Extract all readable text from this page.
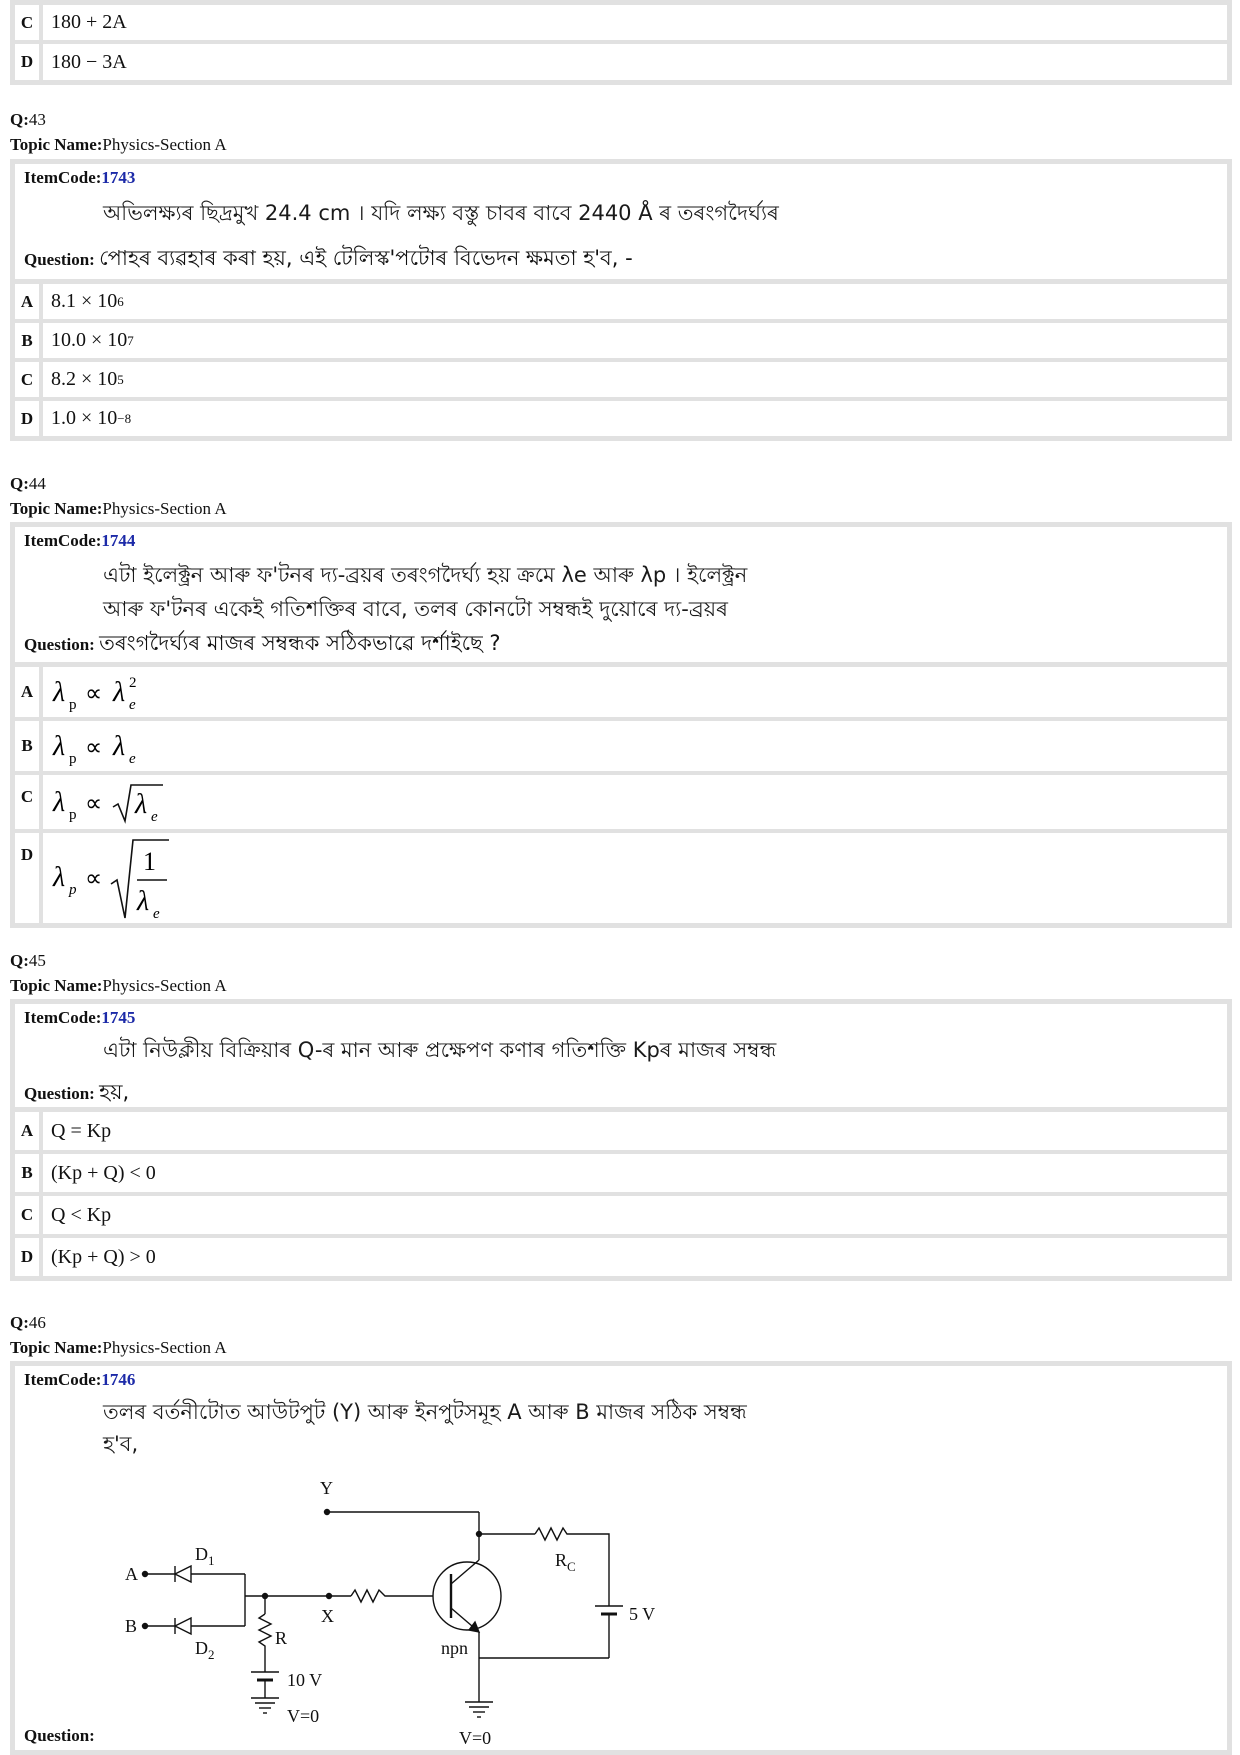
C 180 + 2A
D 180 − 3A
Q:43
Topic Name:Physics-Section A
ItemCode:1743
অভিলক্ষ্যৰ ছিদ্ৰমুখ 24.4 cm । যদি লক্ষ্য বস্তু চাবৰ বাবে 2440 Å ৰ তৰংগদৈৰ্ঘ্যৰ
Question: পোহৰ ব্যৱহাৰ কৰা হয়, এই টেলিস্ক'পটোৰ বিভেদন ক্ষমতা হ'ব, -
A 8.1 × 10 6
B 10.0 × 10 7
C 8.2 × 10 5
D 1.0 × 10 −8
Q:44
Topic Name:Physics-Section A
ItemCode:1744
এটা ইলেক্ট্ৰন আৰু ফ'টনৰ দ্য-ব্ৰয়ৰ তৰংগদৈৰ্ঘ্য হয় ক্ৰমে λe আৰু λp । ইলেক্ট্ৰন
আৰু ফ'টনৰ একেই গতিশক্তিৰ বাবে, তলৰ কোনটো সম্বন্ধই দুয়োৰে দ্য-ব্ৰয়ৰ
Question: তৰংগদৈৰ্ঘ্যৰ মাজৰ সম্বন্ধক সঠিকভাৱে দৰ্শাইছে ?
A λ p ∝ λ e
2
B λ p ∝ λ e
C λ p ∝ λ e
D
λ p ∝
1
λ e
Q:45
Topic Name:Physics-Section A
ItemCode:1745
এটা নিউক্লীয় বিক্ৰিয়াৰ Q-ৰ মান আৰু প্ৰক্ষেপণ কণাৰ গতিশক্তি Kpৰ মাজৰ সম্বন্ধ
Question: হয়,
A Q = Kp
B (Kp + Q) < 0
C Q < Kp
D (Kp + Q) > 0
Q:46
Topic Name:Physics-Section A
ItemCode:1746
তলৰ বৰ্তনীটোত আউটপুট (Y) আৰু ইনপুটসমূহ A আৰু B মাজৰ সঠিক সম্বন্ধ
হ'ব,
Y
$R_C$
5 V
npn
V=0
X
A
$D_1$
B
$D_2$
R
10 V
V=0
Question:
